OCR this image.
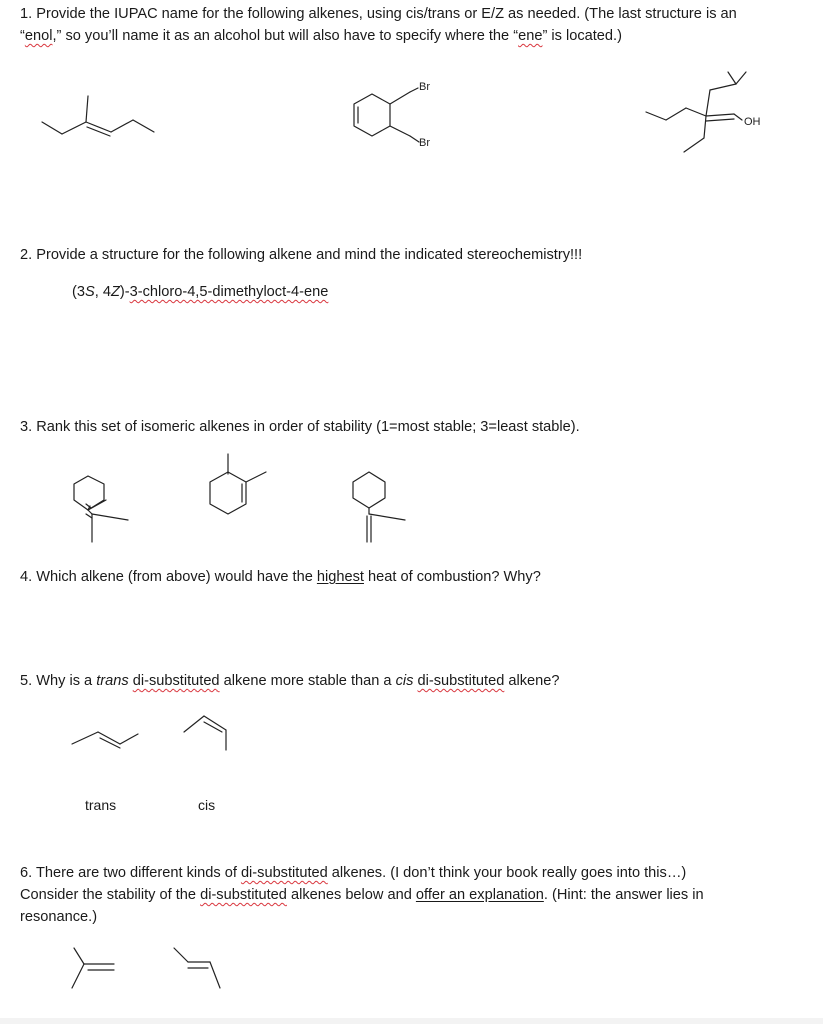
1. Provide the IUPAC name for the following alkenes, using cis/trans or E/Z as needed. (The last structure is an
“enol,” so you’ll name it as an alcohol but will also have to specify where the “ene” is located.)

Br
Br
OH

2. Provide a structure for the following alkene and mind the indicated stereochemistry!!!

(3S, 4Z)-3-chloro-4,5-dimethyloct-4-ene

3. Rank this set of isomeric alkenes in order of stability (1=most stable; 3=least stable).

4. Which alkene (from above) would have the highest heat of combustion? Why?

5. Why is a trans di-substituted alkene more stable than a cis di-substituted alkene?

trans	cis

6. There are two different kinds of di-substituted alkenes. (I don’t think your book really goes into this…)
Consider the stability of the di-substituted alkenes below and offer an explanation. (Hint: the answer lies in
resonance.)
